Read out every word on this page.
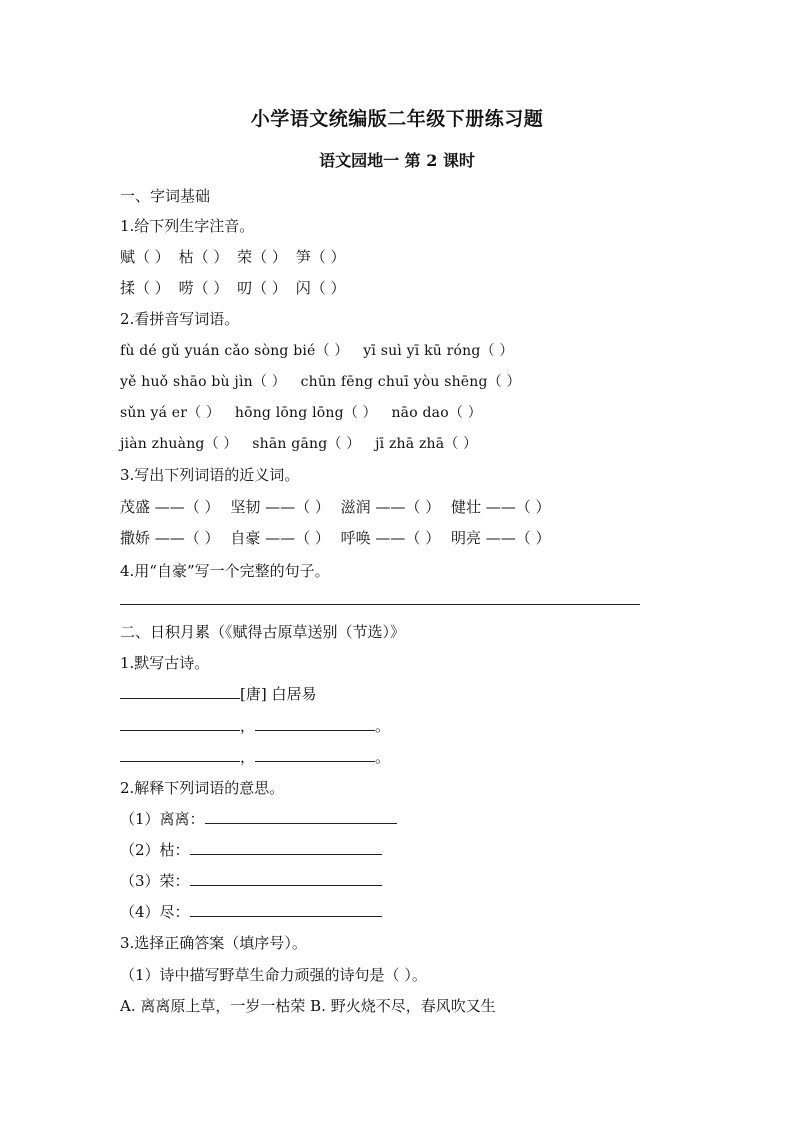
小学语文统编版二年级下册练习题
语文园地一 第 2 课时
一、字词基础
1.给下列生字注音。
赋（ ） 枯（ ） 荣（ ） 笋（ ）
揉（ ） 唠（ ） 叨（ ） 闪（ ）
2.看拼音写词语。
fù dé gǔ yuán cǎo sòng bié（ ） yī suì yī kū róng（ ）
yě huǒ shāo bù jìn（ ） chūn fēng chuī yòu shēng（ ）
sǔn yá er（ ） hōng lōng lōng（ ） nāo dao（ ）
jiàn zhuàng（ ） shān gāng（ ） jī zhā zhā（ ）
3.写出下列词语的近义词。
茂盛 ——（ ） 坚韧 ——（ ） 滋润 ——（ ） 健壮 ——（ ）
撒娇 ——（ ） 自豪 ——（ ） 呼唤 ——（ ） 明亮 ——（ ）
4.用“自豪”写一个完整的句子。
二、日积月累（《赋得古原草送别（节选）》
1.默写古诗。
[唐] 白居易
，	。
，	。
2.解释下列词语的意思。
（1）离离：
（2）枯：
（3）荣：
（4）尽：
3.选择正确答案（填序号）。
（1）诗中描写野草生命力顽强的诗句是（ ）。
A. 离离原上草，一岁一枯荣 B. 野火烧不尽，春风吹又生
